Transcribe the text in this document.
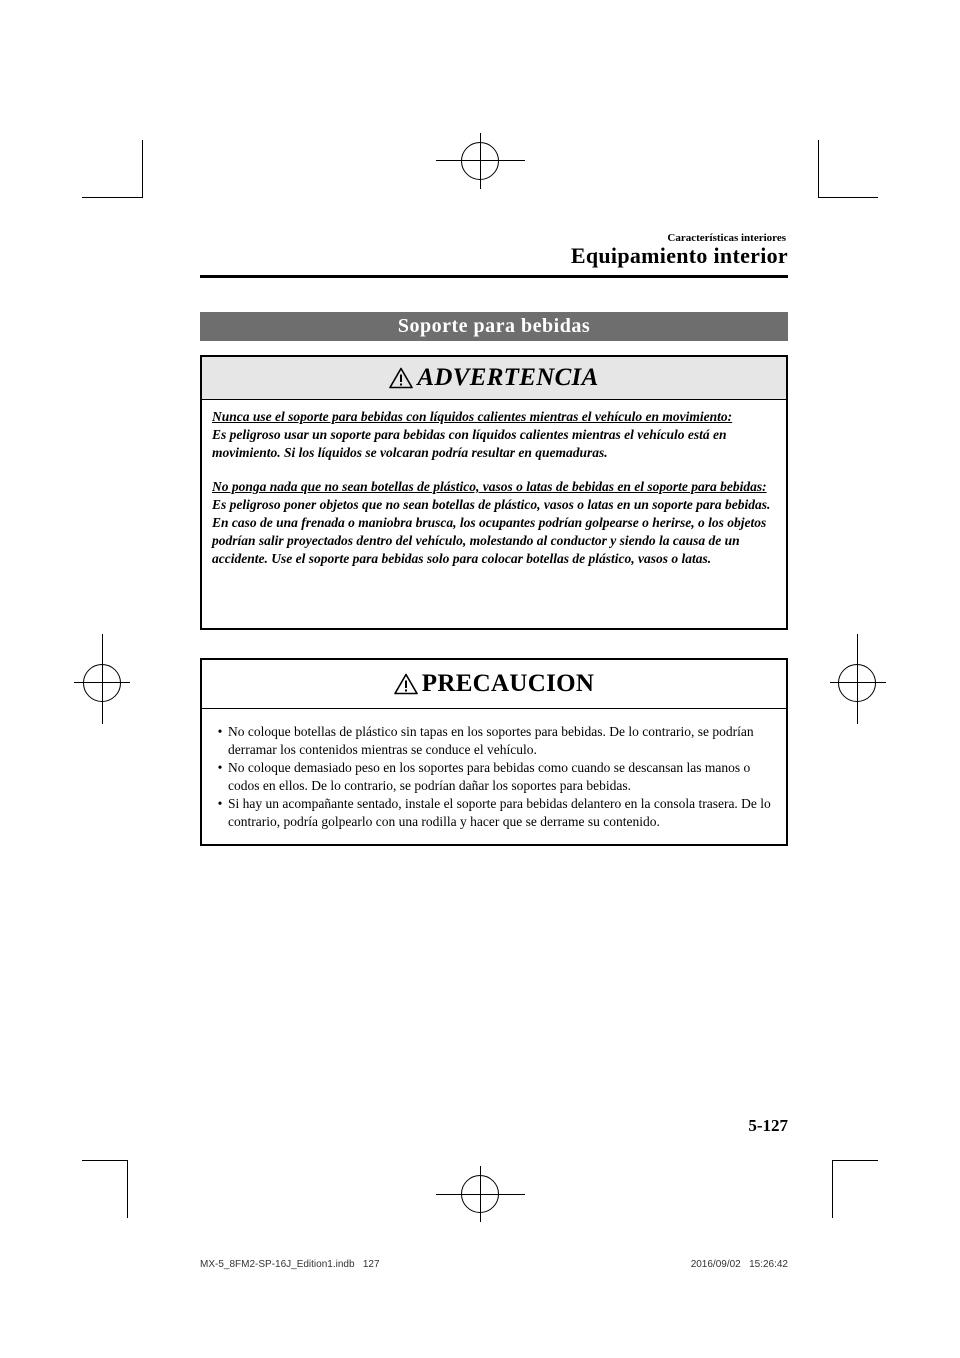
Características interiores
Equipamiento interior
Soporte para bebidas
ADVERTENCIA
Nunca use el soporte para bebidas con líquidos calientes mientras el vehículo en movimiento:
Es peligroso usar un soporte para bebidas con líquidos calientes mientras el vehículo está en movimiento. Si los líquidos se volcaran podría resultar en quemaduras.
No ponga nada que no sean botellas de plástico, vasos o latas de bebidas en el soporte para bebidas:
Es peligroso poner objetos que no sean botellas de plástico, vasos o latas en un soporte para bebidas. En caso de una frenada o maniobra brusca, los ocupantes podrían golpearse o herirse, o los objetos podrían salir proyectados dentro del vehículo, molestando al conductor y siendo la causa de un accidente. Use el soporte para bebidas solo para colocar botellas de plástico, vasos o latas.
PRECAUCION
• No coloque botellas de plástico sin tapas en los soportes para bebidas. De lo contrario, se podrían derramar los contenidos mientras se conduce el vehículo.
• No coloque demasiado peso en los soportes para bebidas como cuando se descansan las manos o codos en ellos. De lo contrario, se podrían dañar los soportes para bebidas.
• Si hay un acompañante sentado, instale el soporte para bebidas delantero en la consola trasera. De lo contrario, podría golpearlo con una rodilla y hacer que se derrame su contenido.
5-127
MX-5_8FM2-SP-16J_Edition1.indb   127	2016/09/02   15:26:42
